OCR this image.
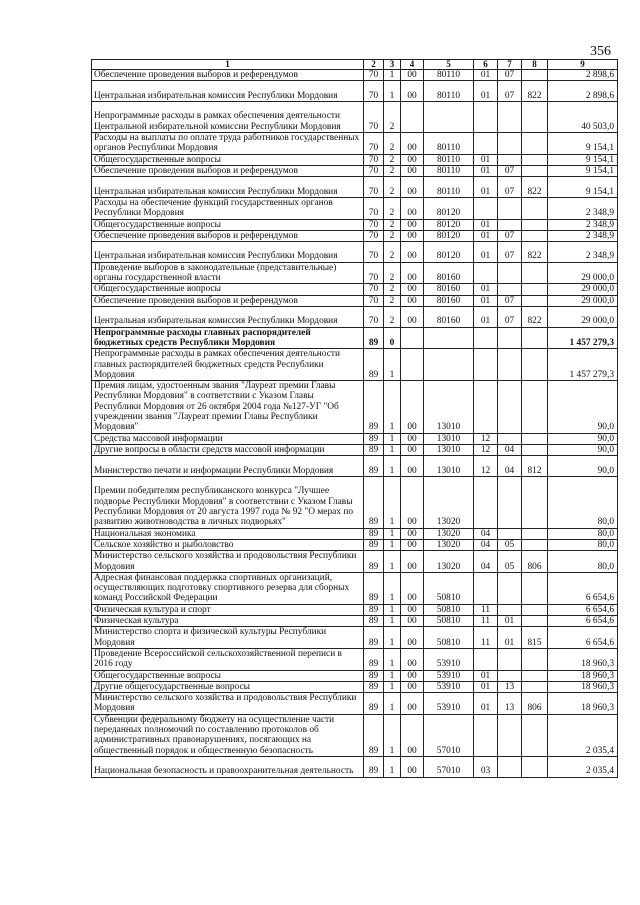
356
1	2	3	4	5	6	7	8	9
Обеспечение проведения выборов и референдумов	70	1	00	80110	01	07		2 898,6
Центральная избирательная комиссия Республики Мордовия	70	1	00	80110	01	07	822	2 898,6
Непрограммные расходы в рамках обеспечения деятельности Центральной избирательной комиссии Республики Мордовия	70	2						40 503,0
Расходы на выплаты по оплате труда работников государственных органов Республики Мордовия	70	2	00	80110				9 154,1
Общегосударственные вопросы	70	2	00	80110	01			9 154,1
Обеспечение проведения выборов и референдумов	70	2	00	80110	01	07		9 154,1
Центральная избирательная комиссия Республики Мордовия	70	2	00	80110	01	07	822	9 154,1
Расходы на обеспечение функций государственных органов Республики Мордовия	70	2	00	80120				2 348,9
Общегосударственные вопросы	70	2	00	80120	01			2 348,9
Обеспечение проведения выборов и референдумов	70	2	00	80120	01	07		2 348,9
Центральная избирательная комиссия Республики Мордовия	70	2	00	80120	01	07	822	2 348,9
Проведение выборов в законодательные (представительные) органы государственной власти	70	2	00	80160				29 000,0
Общегосударственные вопросы	70	2	00	80160	01			29 000,0
Обеспечение проведения выборов и референдумов	70	2	00	80160	01	07		29 000,0
Центральная избирательная комиссия Республики Мордовия	70	2	00	80160	01	07	822	29 000,0
Непрограммные расходы главных распорядителей бюджетных средств Республики Мордовия	89	0						1 457 279,3
Непрограммные расходы в рамках обеспечения деятельности главных распорядителей бюджетных средств Республики Мордовия	89	1						1 457 279,3
Премия лицам, удостоенным звания "Лауреат премии Главы Республики Мордовия" в соответствии с Указом Главы Республики Мордовия от 26 октября 2004 года №127-УГ "Об учреждении звания "Лауреат премии Главы Республики Мордовия"	89	1	00	13010				90,0
Средства массовой информации	89	1	00	13010	12			90,0
Другие вопросы в области средств массовой информации	89	1	00	13010	12	04		90,0
Министерство печати и информации Республики Мордовия	89	1	00	13010	12	04	812	90,0
Премии победителям республиканского конкурса "Лучшее подворье Республики Мордовия" в соответствии с Указом Главы Республики Мордовия от 20 августа 1997 года № 92 "О мерах по развитию животноводства в личных подворьях"	89	1	00	13020				80,0
Национальная экономика	89	1	00	13020	04			80,0
Сельское хозяйство и рыболовство	89	1	00	13020	04	05		80,0
Министерство сельского хозяйства и продовольствия Республики Мордовия	89	1	00	13020	04	05	806	80,0
Адресная финансовая поддержка спортивных организаций, осуществляющих подготовку спортивного резерва для сборных команд Российской Федерации	89	1	00	50810				6 654,6
Физическая культура и спорт	89	1	00	50810	11			6 654,6
Физическая культура	89	1	00	50810	11	01		6 654,6
Министерство спорта и физической культуры Республики Мордовия	89	1	00	50810	11	01	815	6 654,6
Проведение Всероссийской сельскохозяйственной переписи в 2016 году	89	1	00	53910				18 960,3
Общегосударственные вопросы	89	1	00	53910	01			18 960,3
Другие общегосударственные вопросы	89	1	00	53910	01	13		18 960,3
Министерство сельского хозяйства и продовольствия Республики Мордовия	89	1	00	53910	01	13	806	18 960,3
Субвенции федеральному бюджету на осуществление части переданных полномочий по составлению протоколов об административных правонарушениях, посягающих на общественный порядок и общественную безопасность	89	1	00	57010				2 035,4
Национальная безопасность и правоохранительная деятельность	89	1	00	57010	03			2 035,4
